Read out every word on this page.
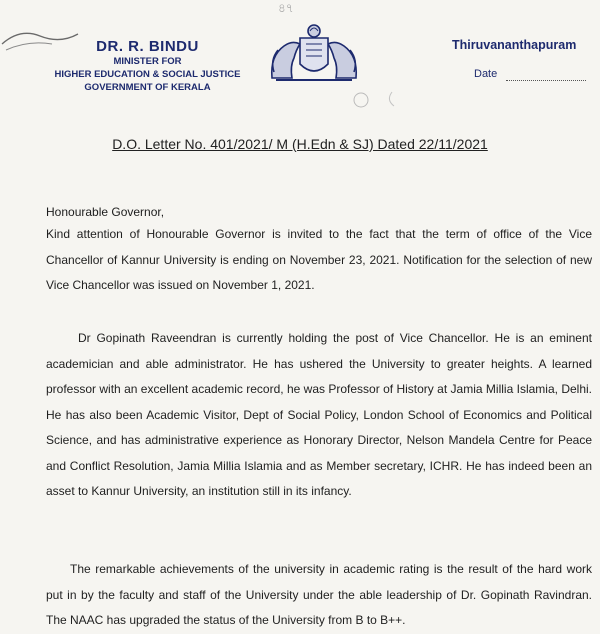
৪৭
DR. R. BINDU
MINISTER FOR
HIGHER EDUCATION & SOCIAL JUSTICE
GOVERNMENT OF KERALA
Thiruvananthapuram
Date
D.O. Letter No. 401/2021/ M (H.Edn & SJ) Dated 22/11/2021
Honourable Governor,
Kind attention of Honourable Governor is invited to the fact that the term of office of the Vice Chancellor of Kannur University is ending on November 23, 2021. Notification for the selection of new Vice Chancellor was issued on November 1, 2021.
Dr Gopinath Raveendran is currently holding the post of Vice Chancellor. He is an eminent academician and able administrator. He has ushered the University to greater heights. A learned professor with an excellent academic record, he was Professor of History at Jamia Millia Islamia, Delhi. He has also been Academic Visitor, Dept of Social Policy, London School of Economics and Political Science, and has administrative experience as Honorary Director, Nelson Mandela Centre for Peace and Conflict Resolution, Jamia Millia Islamia and as Member secretary, ICHR. He has indeed been an asset to Kannur University, an institution still in its infancy.
The remarkable achievements of the university in academic rating is the result of the hard work put in by the faculty and staff of the University under the able leadership of Dr. Gopinath Ravindran. The NAAC has upgraded the status of the University from B to B++.
